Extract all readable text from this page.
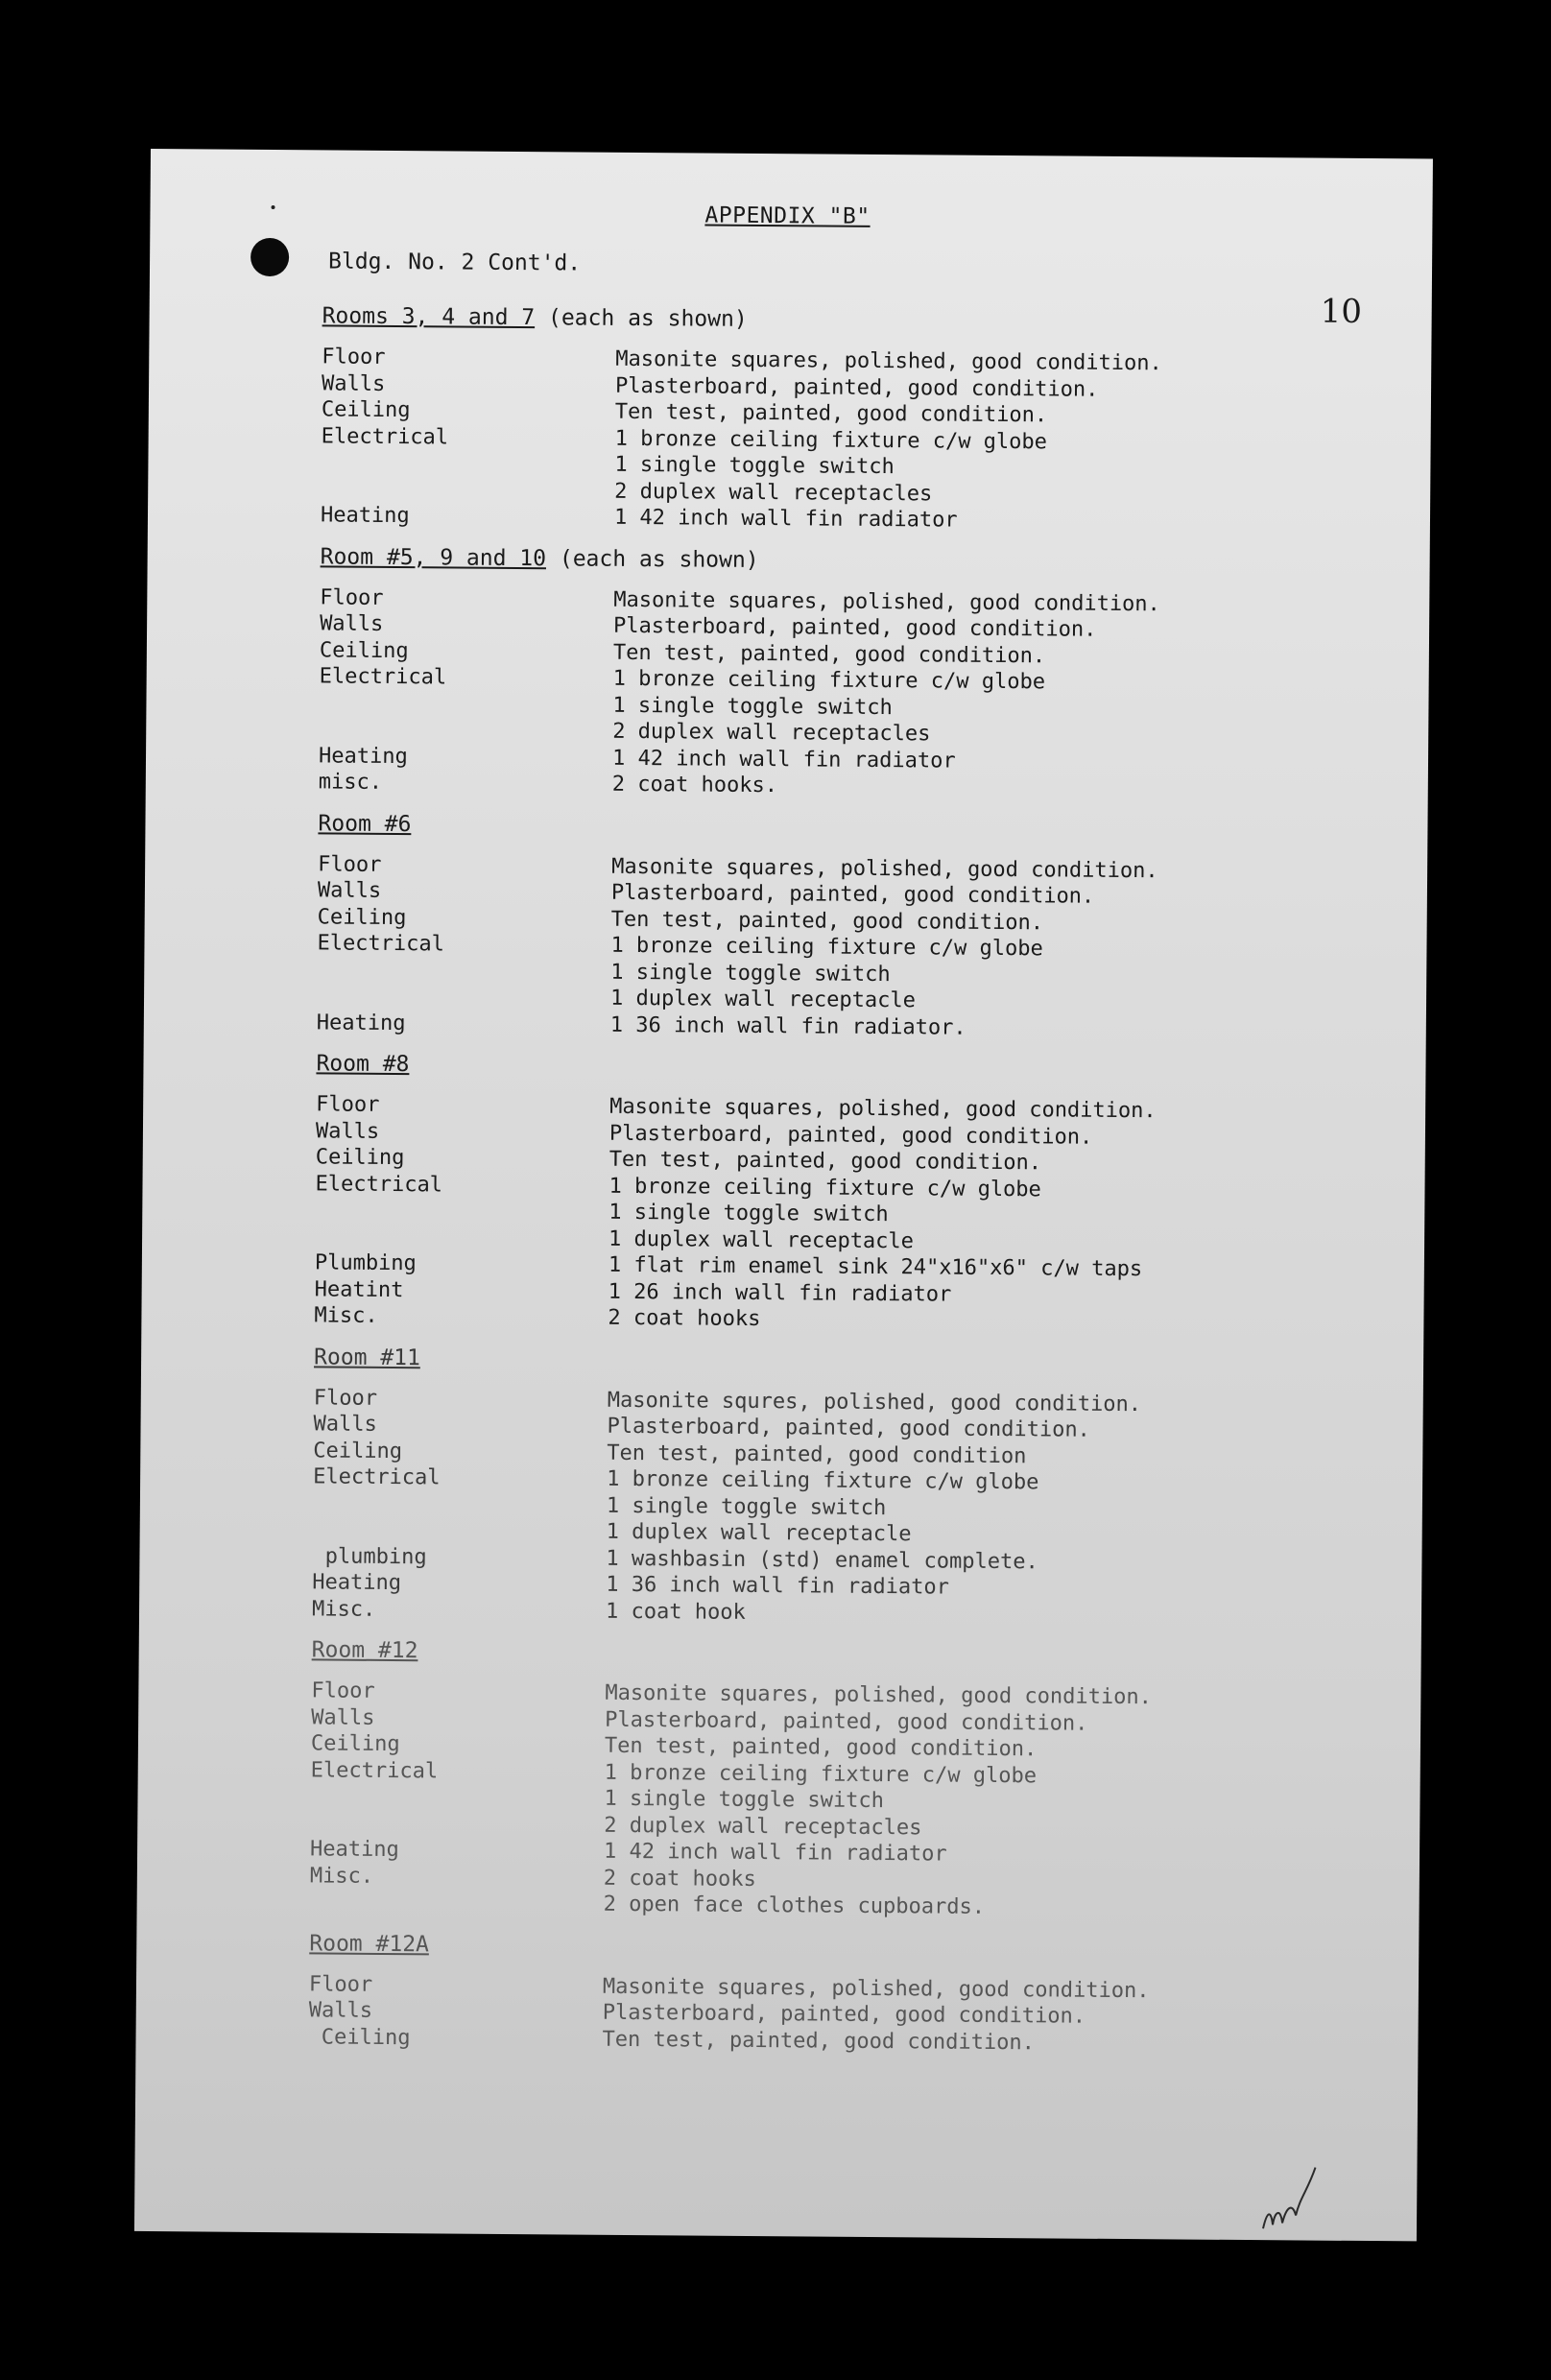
APPENDIX "B"
Bldg. No. 2 Cont'd.
10
Rooms 3, 4 and 7 (each as shown)
Floor	Masonite squares, polished, good condition.
Walls	Plasterboard, painted, good condition.
Ceiling	Ten test, painted, good condition.
Electrical	1 bronze ceiling fixture c/w globe
1 single toggle switch
2 duplex wall receptacles
Heating	1 42 inch wall fin radiator
Room #5, 9 and 10 (each as shown)
Floor	Masonite squares, polished, good condition.
Walls	Plasterboard, painted, good condition.
Ceiling	Ten test, painted, good condition.
Electrical	1 bronze ceiling fixture c/w globe
1 single toggle switch
2 duplex wall receptacles
Heating	1 42 inch wall fin radiator
misc.	2 coat hooks.
Room #6
Floor	Masonite squares, polished, good condition.
Walls	Plasterboard, painted, good condition.
Ceiling	Ten test, painted, good condition.
Electrical	1 bronze ceiling fixture c/w globe
1 single toggle switch
1 duplex wall receptacle
Heating	1 36 inch wall fin radiator.
Room #8
Floor	Masonite squares, polished, good condition.
Walls	Plasterboard, painted, good condition.
Ceiling	Ten test, painted, good condition.
Electrical	1 bronze ceiling fixture c/w globe
1 single toggle switch
1 duplex wall receptacle
Plumbing	1 flat rim enamel sink 24"x16"x6" c/w taps
Heatint	1 26 inch wall fin radiator
Misc.	2 coat hooks
Room #11
Floor	Masonite squres, polished, good condition.
Walls	Plasterboard, painted, good condition.
Ceiling	Ten test, painted, good condition
Electrical	1 bronze ceiling fixture c/w globe
1 single toggle switch
1 duplex wall receptacle
plumbing	1 washbasin (std) enamel complete.
Heating	1 36 inch wall fin radiator
Misc.	1 coat hook
Room #12
Floor	Masonite squares, polished, good condition.
Walls	Plasterboard, painted, good condition.
Ceiling	Ten test, painted, good condition.
Electrical	1 bronze ceiling fixture c/w globe
1 single toggle switch
2 duplex wall receptacles
Heating	1 42 inch wall fin radiator
Misc.	2 coat hooks
2 open face clothes cupboards.
Room #12A
Floor	Masonite squares, polished, good condition.
Walls	Plasterboard, painted, good condition.
Ceiling	Ten test, painted, good condition.
